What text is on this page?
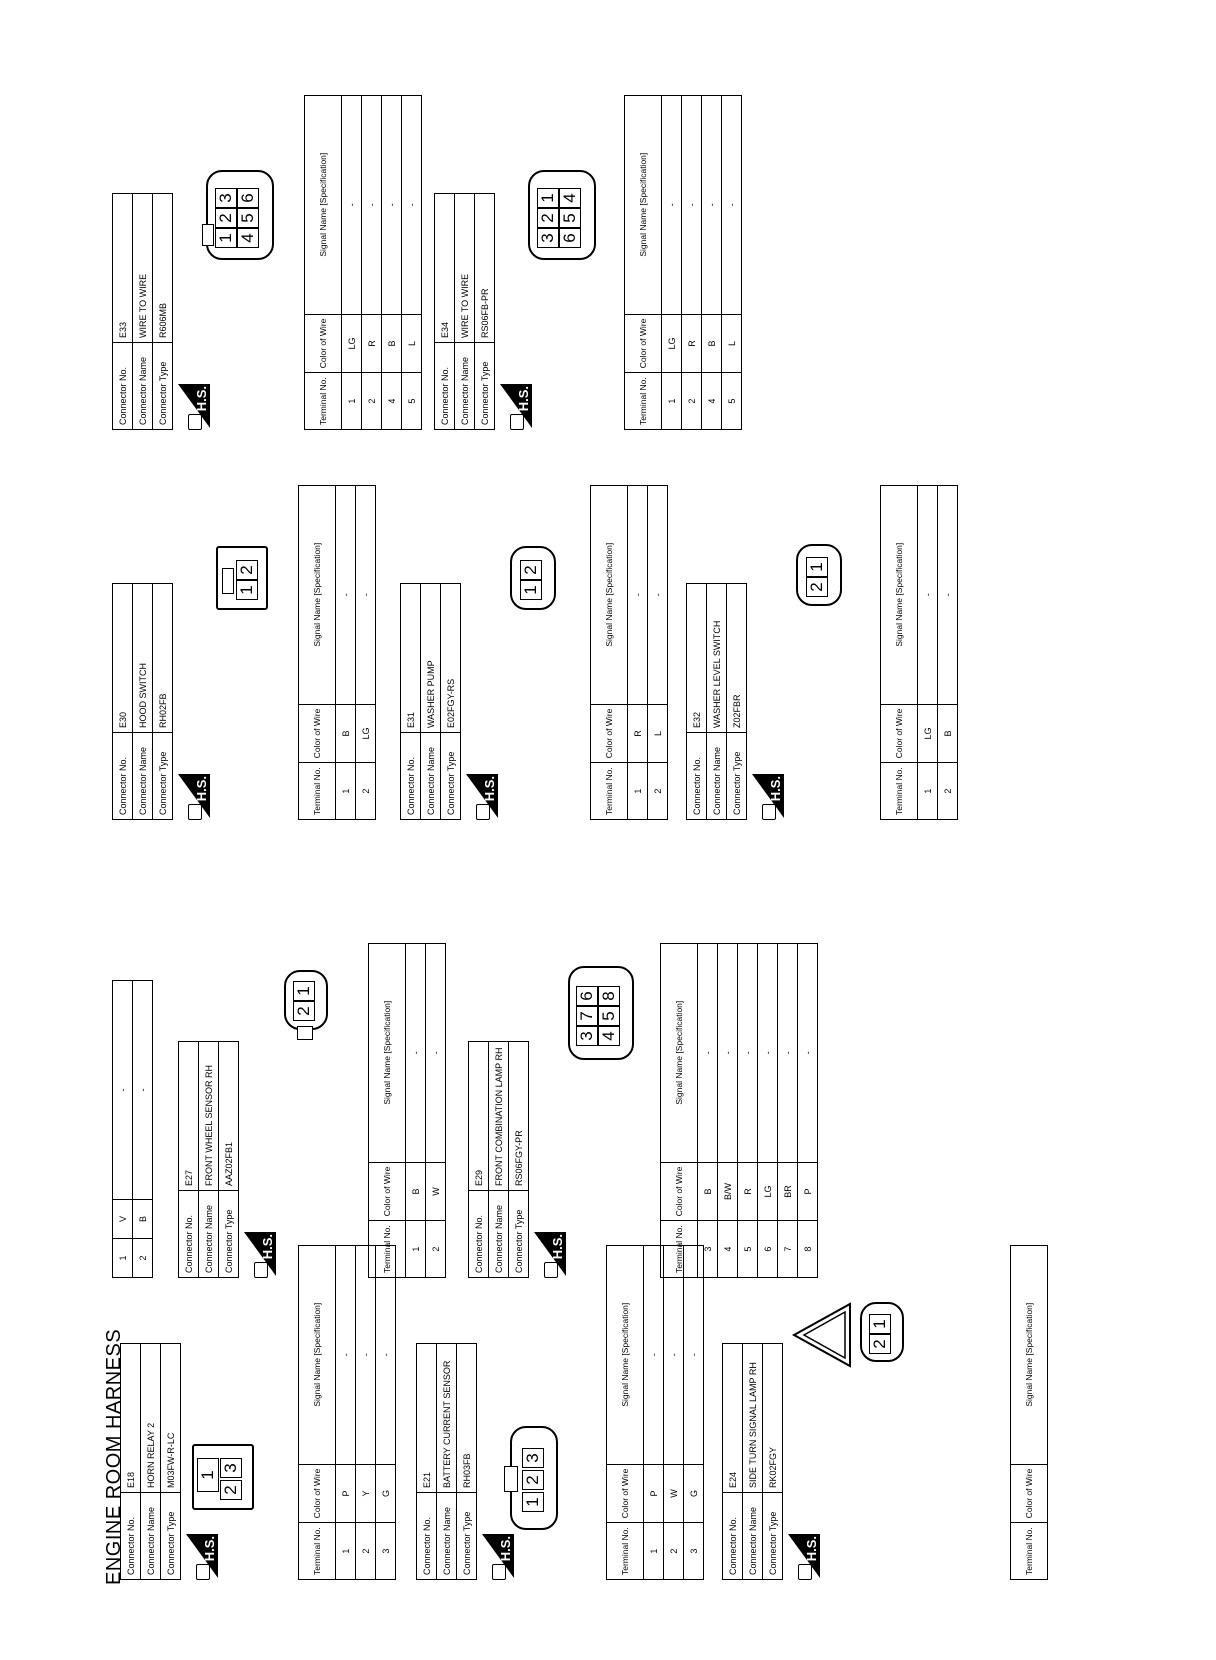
ENGINE ROOM HARNESS Connector No.	E18
Connector Name	HORN RELAY 2
Connector Type	M03FW-R-LC
H.S.
1
2
3
Terminal No.	Color of Wire	Signal Name [Specification]
1	P	-
2	Y	-
3	G	-
Connector No.	E21
Connector Name	BATTERY CURRENT SENSOR
Connector Type	RH03FB
H.S.
1
2
3
Terminal No.	Color of Wire	Signal Name [Specification]
1	P	-
2	W	-
3	G	-
Connector No.	E24
Connector Name	SIDE TURN SIGNAL LAMP RH
Connector Type	RK02FGY
H.S.
2
1
Terminal No.	Color of Wire	Signal Name [Specification]
1	V	-
2	B	-
Connector No.	E27
Connector Name	FRONT WHEEL SENSOR RH
Connector Type	AAZ02FB1
H.S.
2
1
Terminal No.	Color of Wire	Signal Name [Specification]
1	B	-
2	W	-
Connector No.	E29
Connector Name	FRONT COMBINATION LAMP RH
Connector Type	RS06FGY-PR
H.S.
3
7
6
4
5
8
Terminal No.	Color of Wire	Signal Name [Specification]
3	B	-
4	B/W	-
5	R	-
6	LG	-
7	BR	-
8	P	-
Connector No.	E30
Connector Name	HOOD SWITCH
Connector Type	RH02FB
H.S.
1
2
Terminal No.	Color of Wire	Signal Name [Specification]
1	B	-
2	LG	-
Connector No.	E31
Connector Name	WASHER PUMP
Connector Type	E02FGY-RS
H.S.
1
2
Terminal No.	Color of Wire	Signal Name [Specification]
1	R	-
2	L	-
Connector No.	E32
Connector Name	WASHER LEVEL SWITCH
Connector Type	Z02FBR
H.S.
2
1
Terminal No.	Color of Wire	Signal Name [Specification]
1	LG	-
2	B	-
Connector No.	E33
Connector Name	WIRE TO WIRE
Connector Type	R606MB
H.S.
1
2
3
4
5
6
Terminal No.	Color of Wire	Signal Name [Specification]
1	LG	-
2	R	-
4	B	-
5	L	-
Connector No.	E34
Connector Name	WIRE TO WIRE
Connector Type	RS06FB-PR
H.S.
3
2
1
6
5
4
Terminal No.	Color of Wire	Signal Name [Specification]
1	LG	-
2	R	-
4	B	-
5	L	-
